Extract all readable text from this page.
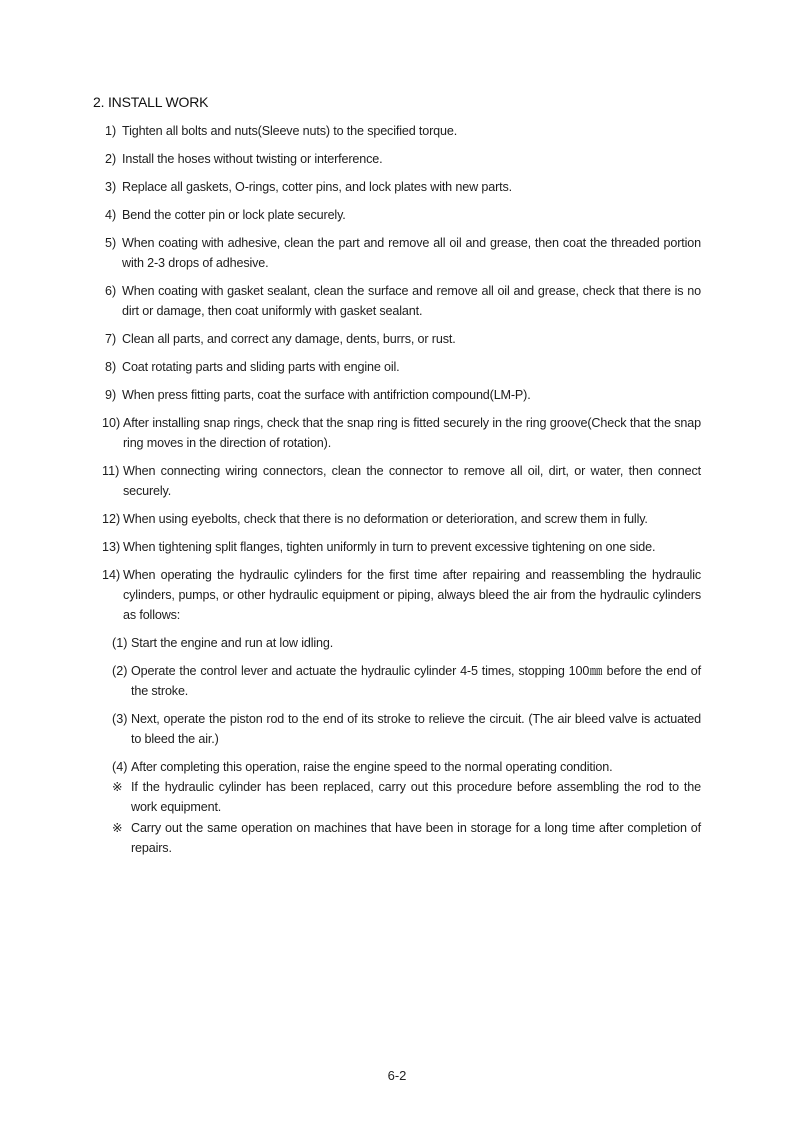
2. INSTALL WORK
1) Tighten all bolts and nuts(Sleeve nuts) to the specified torque.
2) Install the hoses without twisting or interference.
3) Replace all gaskets, O-rings, cotter pins, and lock plates with new parts.
4) Bend the cotter pin or lock plate securely.
5) When coating with adhesive, clean the part and remove all oil and grease, then coat the threaded portion with 2-3 drops of adhesive.
6) When coating with gasket sealant, clean the surface and remove all oil and grease, check that there is no dirt or damage, then coat uniformly with gasket sealant.
7) Clean all parts, and correct any damage, dents, burrs, or rust.
8) Coat rotating parts and sliding parts with engine oil.
9) When press fitting parts, coat the surface with antifriction compound(LM-P).
10) After installing snap rings, check that the snap ring is fitted securely in the ring groove(Check that the snap ring moves in the direction of rotation).
11) When connecting wiring connectors, clean the connector to remove all oil, dirt, or water, then connect securely.
12) When using eyebolts, check that there is no deformation or deterioration, and screw them in fully.
13) When tightening split flanges, tighten uniformly in turn to prevent excessive tightening on one side.
14) When operating the hydraulic cylinders for the first time after repairing and reassembling the hydraulic cylinders, pumps, or other hydraulic equipment or piping, always bleed the air from the hydraulic cylinders as follows:
(1) Start the engine and run at low idling.
(2) Operate the control lever and actuate the hydraulic cylinder 4-5 times, stopping 100㎜ before the end of the stroke.
(3) Next, operate the piston rod to the end of its stroke to relieve the circuit. (The air bleed valve is actuated to bleed the air.)
(4) After completing this operation, raise the engine speed to the normal operating condition.
※ If the hydraulic cylinder has been replaced, carry out this procedure before assembling the rod to the work equipment.
※ Carry out the same operation on machines that have been in storage for a long time after completion of repairs.
6-2
